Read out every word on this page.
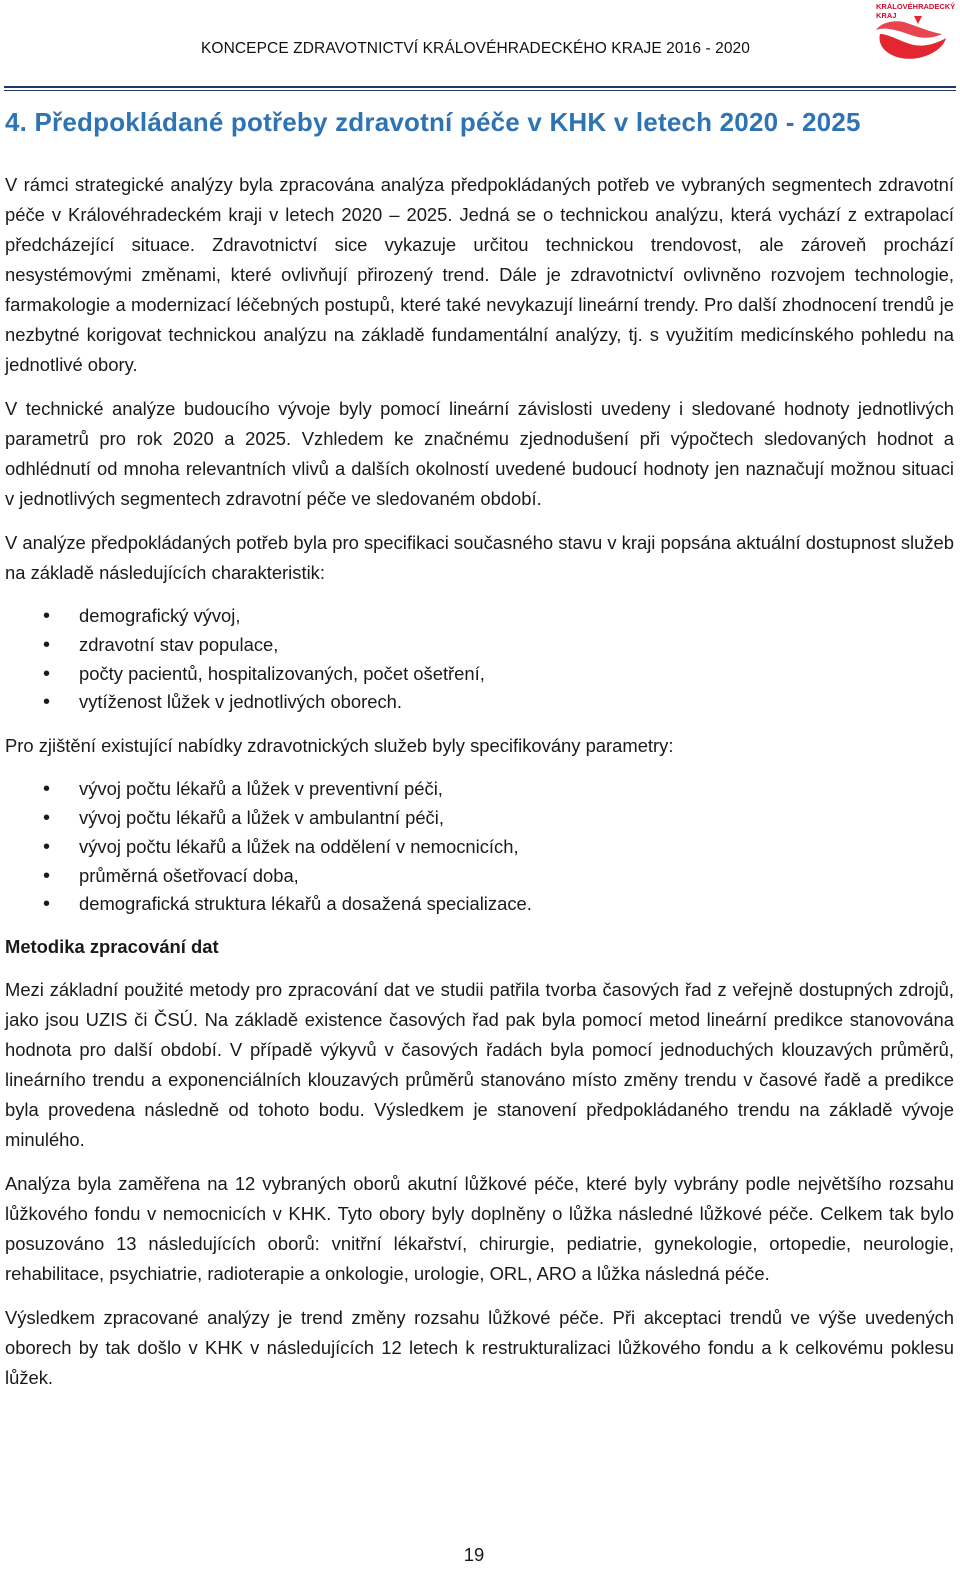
KONCEPCE ZDRAVOTNICTVÍ KRÁLOVÉHRADECKÉHO KRAJE 2016 - 2020
KRÁLOVÉHRADECKÝ KRAJ
4. Předpokládané potřeby zdravotní péče v KHK v letech 2020 - 2025

V rámci strategické analýzy byla zpracována analýza předpokládaných potřeb ve vybraných segmentech zdravotní péče v Královéhradeckém kraji v letech 2020 – 2025. Jedná se o technickou analýzu, která vychází z extrapolací předcházející situace. Zdravotnictví sice vykazuje určitou technickou trendovost, ale zároveň prochází nesystémovými změnami, které ovlivňují přirozený trend. Dále je zdravotnictví ovlivněno rozvojem technologie, farmakologie a modernizací léčebných postupů, které také nevykazují lineární trendy. Pro další zhodnocení trendů je nezbytné korigovat technickou analýzu na základě fundamentální analýzy, tj. s využitím medicínského pohledu na jednotlivé obory.

V technické analýze budoucího vývoje byly pomocí lineární závislosti uvedeny i sledované hodnoty jednotlivých parametrů pro rok 2020 a 2025. Vzhledem ke značnému zjednodušení při výpočtech sledovaných hodnot a odhlédnutí od mnoha relevantních vlivů a dalších okolností uvedené budoucí hodnoty jen naznačují možnou situaci v jednotlivých segmentech zdravotní péče ve sledovaném období.

V analýze předpokládaných potřeb byla pro specifikaci současného stavu v kraji popsána aktuální dostupnost služeb na základě následujících charakteristik:

• demografický vývoj,
• zdravotní stav populace,
• počty pacientů, hospitalizovaných, počet ošetření,
• vytíženost lůžek v jednotlivých oborech.

Pro zjištění existující nabídky zdravotnických služeb byly specifikovány parametry:

• vývoj počtu lékařů a lůžek v preventivní péči,
• vývoj počtu lékařů a lůžek v ambulantní péči,
• vývoj počtu lékařů a lůžek na oddělení v nemocnicích,
• průměrná ošetřovací doba,
• demografická struktura lékařů a dosažená specializace.
Metodika zpracování dat

Mezi základní použité metody pro zpracování dat ve studii patřila tvorba časových řad z veřejně dostupných zdrojů, jako jsou UZIS či ČSÚ. Na základě existence časových řad pak byla pomocí metod lineární predikce stanovována hodnota pro další období. V případě výkyvů v časových řadách byla pomocí jednoduchých klouzavých průměrů, lineárního trendu a exponenciálních klouzavých průměrů stanováno místo změny trendu v časové řadě a predikce byla provedena následně od tohoto bodu. Výsledkem je stanovení předpokládaného trendu na základě vývoje minulého.

Analýza byla zaměřena na 12 vybraných oborů akutní lůžkové péče, které byly vybrány podle největšího rozsahu lůžkového fondu v nemocnicích v KHK. Tyto obory byly doplněny o lůžka následné lůžkové péče. Celkem tak bylo posuzováno 13 následujících oborů: vnitřní lékařství, chirurgie, pediatrie, gynekologie, ortopedie, neurologie, rehabilitace, psychiatrie, radioterapie a onkologie, urologie, ORL, ARO a lůžka následná péče.

Výsledkem zpracované analýzy je trend změny rozsahu lůžkové péče. Při akceptaci trendů ve výše uvedených oborech by tak došlo v KHK v následujících 12 letech k restrukturalizaci lůžkového fondu a k celkovému poklesu lůžek.

19
